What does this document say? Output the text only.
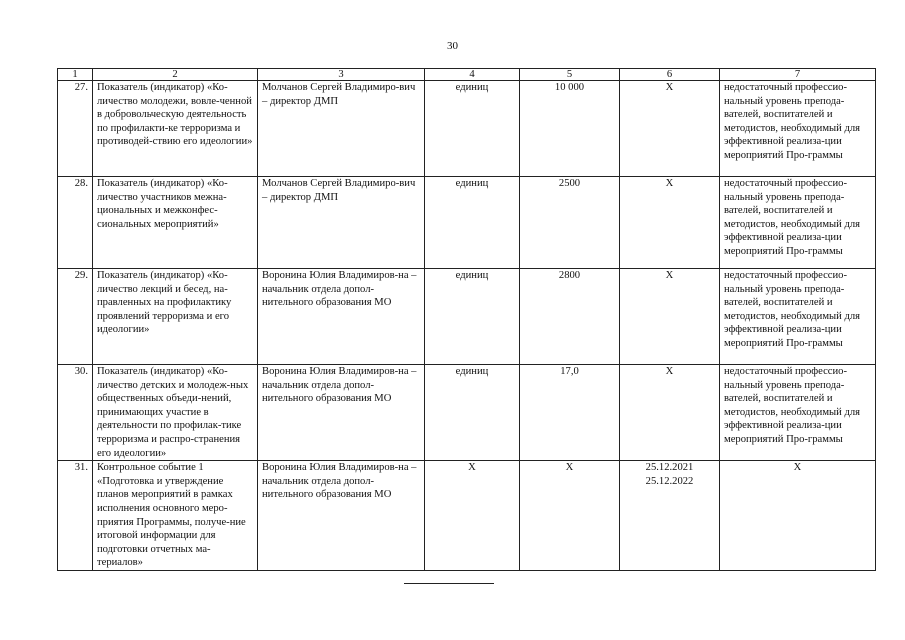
30
1	2	3	4	5	6	7
27.	Показатель (индикатор) «Ко-личество молодежи, вовле-ченной в добровольческую деятельность по профилакти-ке терроризма и противодей-ствию его идеологии»	Молчанов Сергей Владимиро-вич – директор ДМП	единиц	10 000	X	недостаточный профессио-нальный уровень препода-вателей, воспитателей и методистов, необходимый для эффективной реализа-ции мероприятий Про-граммы
28.	Показатель (индикатор) «Ко-личество участников межна-циональных и межконфес-сиональных мероприятий»	Молчанов Сергей Владимиро-вич – директор ДМП	единиц	2500	X	недостаточный профессио-нальный уровень препода-вателей, воспитателей и методистов, необходимый для эффективной реализа-ции мероприятий Про-граммы
29.	Показатель (индикатор) «Ко-личество лекций и бесед, на-правленных на профилактику проявлений терроризма и его идеологии»	Воронина Юлия Владимиров-на – начальник отдела допол-нительного образования МО	единиц	2800	X	недостаточный профессио-нальный уровень препода-вателей, воспитателей и методистов, необходимый для эффективной реализа-ции мероприятий Про-граммы
30.	Показатель (индикатор) «Ко-личество детских и молодеж-ных общественных объеди-нений, принимающих участие в деятельности по профилак-тике терроризма и распро-странения его идеологии»	Воронина Юлия Владимиров-на – начальник отдела допол-нительного образования МО	единиц	17,0	X	недостаточный профессио-нальный уровень препода-вателей, воспитателей и методистов, необходимый для эффективной реализа-ции мероприятий Про-граммы
31.	Контрольное событие 1 «Подготовка и утверждение планов мероприятий в рамках исполнения основного меро-приятия Программы, получе-ние итоговой информации для подготовки отчетных ма-териалов»	Воронина Юлия Владимиров-на – начальник отдела допол-нительного образования МО	X	X	25.12.2021 25.12.2022	X
